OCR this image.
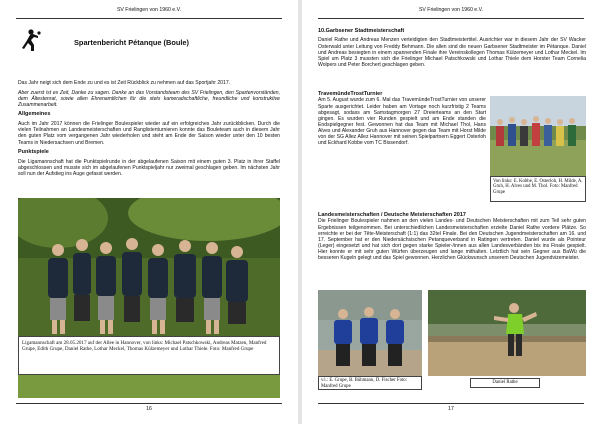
SV Frielingen von 1960 e.V.
Spartenbericht Pétanque (Boule)

Das Jahr neigt sich dem Ende zu und es ist Zeit Rückblick zu nehmen auf das Sportjahr 2017.

Aber zuerst ist es Zeit, Danke zu sagen. Danke an das Vorstandsteam des SV Frielingen, den Spartenvorständen, dem Ältestenrat, sowie allen Ehrenamtlichen für die stets kameradschaftliche, freundliche und konstruktive Zusammenarbeit.

Allgemeines

Auch im Jahr 2017 können die Frielinger Boulespieler wieder auf ein erfolgreiches Jahr zurückblicken. Durch die vielen Teilnahmen an Landesmeisterschaften und Ranglistenturnieren konnte das Bouleteam auch in diesem Jahr den guten Platz vom vergangenen Jahr wiederholen und steht am Ende der Saison wieder unter den 10 besten Teams in Niedersachsen und Bremen.

Punktspiele

Die Ligamannschaft hat die Punktspielrunde in der abgelaufenen Saison mit einem guten 3. Platz in ihrer Staffel abgeschlossen und musste sich im abgelaufenen Punktspieljahr nur zweimal geschlagen geben. Im nächsten Jahr soll nun der Aufstieg ins Auge gefasst werden.

Ligamannschaft am 28.05.2017 auf der Allee in Hannover, von links: Michael Patschkowski, Andreas Matzen, Manfred Grupe, Edith Grupe, Daniel Rathe, Lothar Meckel, Thomas Külzemeyer und Lothar Thiele. Foto: Manfred Grupe
16
SV Frielingen von 1960 e.V.

10.Garbsener Stadtmeisterschaft

Daniel Rathe und Andreas Menzen verteidigten den Stadtmeistertitel. Ausrichter war in diesem Jahr der SV Wacker Osterwald unter Leitung von Freddy Behmann. Die allen sind die neuen Garbsener Stadtmeister im Pétanque. Daniel und Andreas besiegten in einem spannenden Finale ihre Vereinskollegen Thomas Külzemeyer und Lothar Meckel. Im Spiel um Platz 3 mussten sich die Frielinger Michael Patschkowski und Lothar Thiele dem Horster Team Cornelia Wolpers und Peter Borchert geschlagen geben.

TravemündeTrostTurnier

Am 5. August wurde zum 6. Mal das TravemündeTrostTurnier von unserer Sparte ausgerichtet. Leider haben am Vortage noch kurzfristig 2 Teams abgesagt, sodass am Samstagmorgen 27 Dreierteams an den Start gingen. Es wurden vier Runden gespielt und am Ende standen die Endspielgegner fest. Gewonnen hat das Team mit Michael Thol, Hans Alves und Alexander Gruh aus Hannover gegen das Team mit Horst Milde von der SG Allez Allez Hannover mit seinen Spielpartnern Eggert Osterloh und Eckhard Kobbe vom TC Bissendorf.

Von links: E. Kobbe, E. Osterloh, H. Milde, A. Gruh, H. Alves und M. Thol. Foto: Manfred Grupe

Landesmeisterschaften / Deutsche Meisterschaften 2017

Die Frielinger Boulespieler nahmen an den vielen Landes- und Deutschen Meisterschaften mit zum Teil sehr guten Ergebnissen teilgenommen. Bei unterschiedlichen Landesmeisterschaften erzielte Daniel Rathe vordere Plätze. So erreichte er bei der Tête-Meisterschaft (1:1) das 32tel Finale. Bei den Deutschen Jugendmeisterschaften am 16. und 17. September hat er den Niedersächsischen Petanqueverband in Ratingen vertreten. Daniel wurde als Pointeur (Leger) eingesetzt und hat sich dort gegen starke Spieler-/innen aus allen Landesverbänden bis ins Finale gespielt. Hier konnte er mit sehr guten Würfen überzeugen und lange mithalten. Letztlich hat sein Gegner aus BaWü die besseren Kugeln gelegt und das Spiel gewonnen. Herzlichen Glückwunsch unserem Deutschen Jugendvizemeister.

v.l.: E. Grupe, B. Bühmann, D. Fischer Foto: Manfred Grupe
Daniel Rathe
17
